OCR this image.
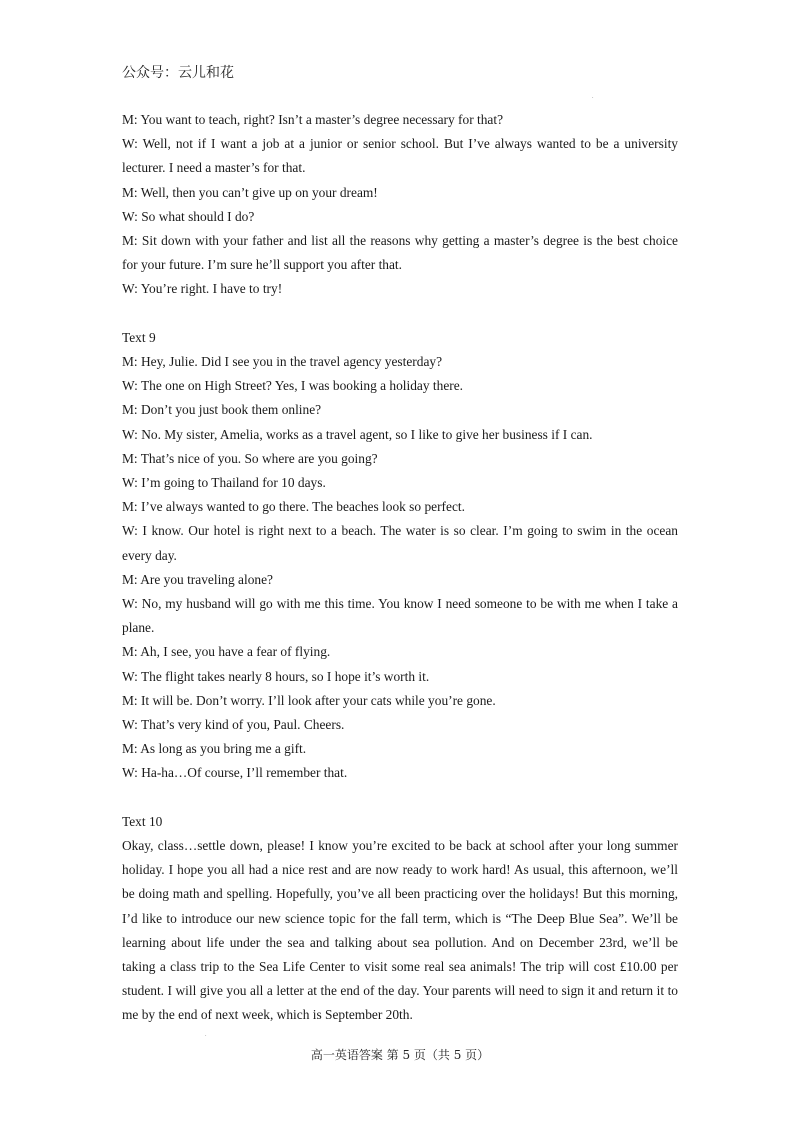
公众号：云儿和花
.

M: You want to teach, right? Isn’t a master’s degree necessary for that?

W: Well, not if I want a job at a junior or senior school. But I’ve always wanted to be a university lecturer. I need a master’s for that.

M: Well, then you can’t give up on your dream!

W: So what should I do?

M: Sit down with your father and list all the reasons why getting a master’s degree is the best choice for your future. I’m sure he’ll support you after that.

W: You’re right. I have to try!

Text 9

M: Hey, Julie. Did I see you in the travel agency yesterday?

W: The one on High Street? Yes, I was booking a holiday there.

M: Don’t you just book them online?

W: No. My sister, Amelia, works as a travel agent, so I like to give her business if I can.

M: That’s nice of you. So where are you going?

W: I’m going to Thailand for 10 days.

M: I’ve always wanted to go there. The beaches look so perfect.

W: I know. Our hotel is right next to a beach. The water is so clear. I’m going to swim in the ocean every day.

M: Are you traveling alone?

W: No, my husband will go with me this time. You know I need someone to be with me when I take a plane.

M: Ah, I see, you have a fear of flying.

W: The flight takes nearly 8 hours, so I hope it’s worth it.

M: It will be. Don’t worry. I’ll look after your cats while you’re gone.

W: That’s very kind of you, Paul. Cheers.

M: As long as you bring me a gift.

W: Ha-ha…Of course, I’ll remember that.

Text 10

Okay, class…settle down, please! I know you’re excited to be back at school after your long summer holiday. I hope you all had a nice rest and are now ready to work hard! As usual, this afternoon, we’ll be doing math and spelling. Hopefully, you’ve all been practicing over the holidays! But this morning, I’d like to introduce our new science topic for the fall term, which is “The Deep Blue Sea”. We’ll be learning about life under the sea and talking about sea pollution. And on December 23rd, we’ll be taking a class trip to the Sea Life Center to visit some real sea animals! The trip will cost £10.00 per student. I will give you all a letter at the end of the day. Your parents will need to sign it and return it to me by the end of next week, which is September 20th.

.
高一英语答案 第 5 页（共 5 页）
